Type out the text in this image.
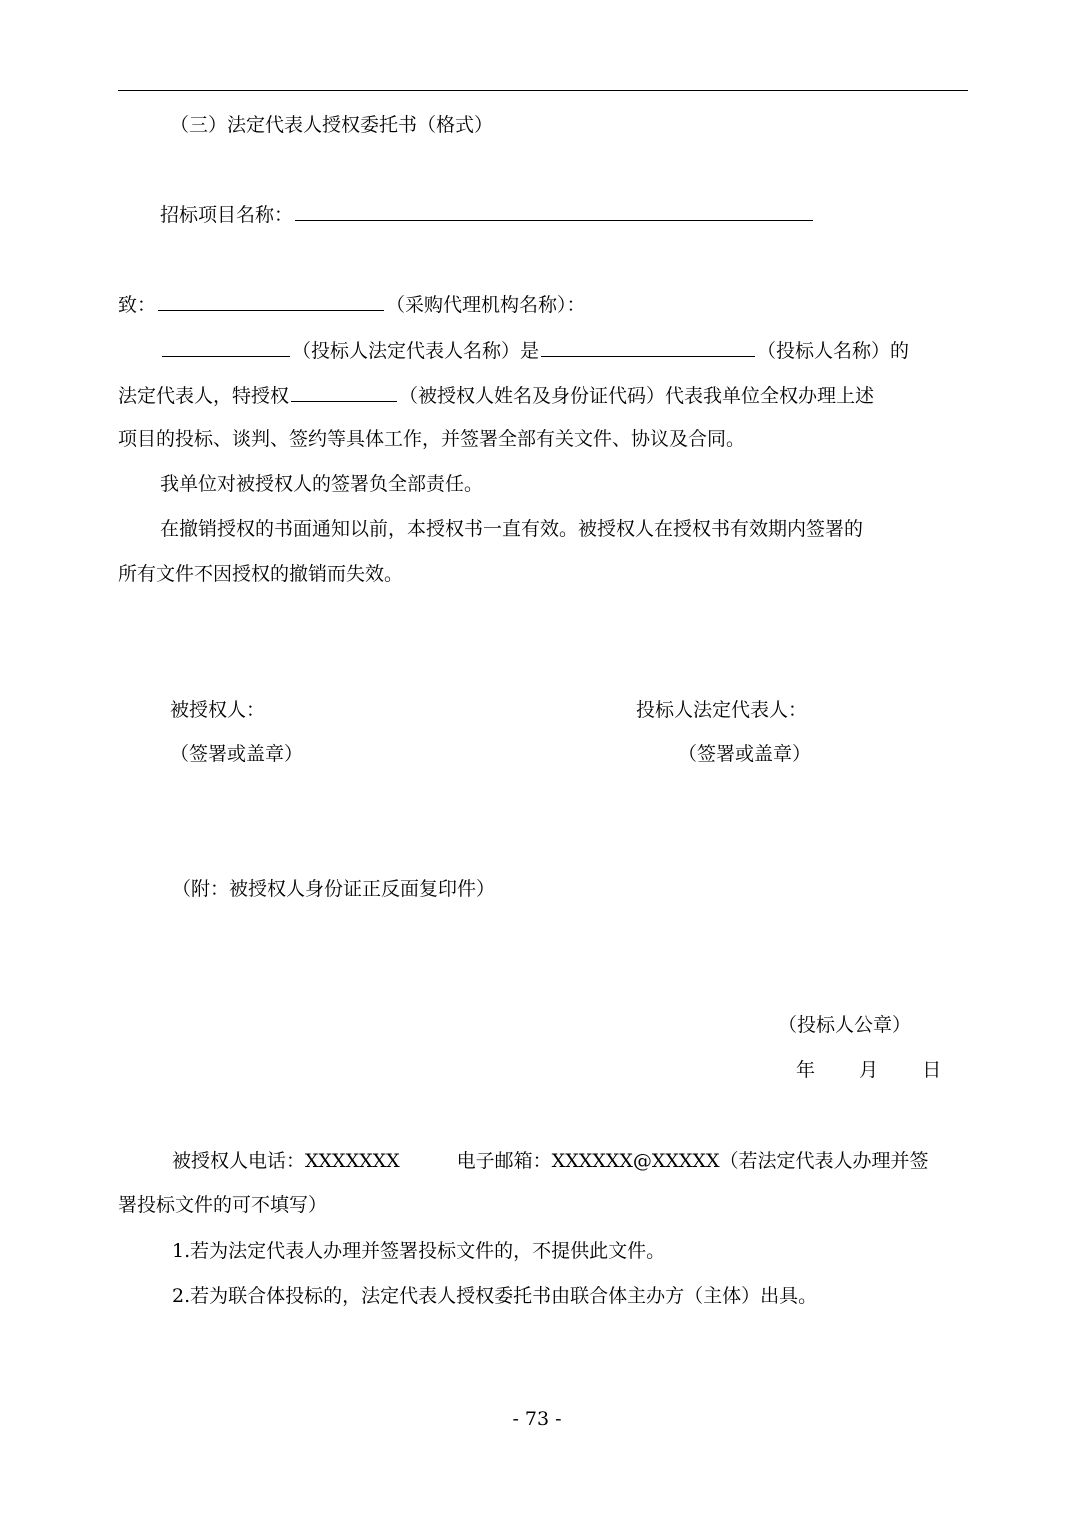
（三）法定代表人授权委托书（格式）
招标项目名称：
致：	（采购代理机构名称）：
（投标人法定代表人名称）是	（投标人名称）的
法定代表人，特授权	（被授权人姓名及身份证代码）代表我单位全权办理上述
项目的投标、谈判、签约等具体工作，并签署全部有关文件、协议及合同。
我单位对被授权人的签署负全部责任。
在撤销授权的书面通知以前，本授权书一直有效。被授权人在授权书有效期内签署的
所有文件不因授权的撤销而失效。
被授权人：
（签署或盖章）
投标人法定代表人：
（签署或盖章）
（附：被授权人身份证正反面复印件）
（投标人公章）
年 月 日
被授权人电话：XXXXXXX　　　电子邮箱：XXXXXX@XXXXX（若法定代表人办理并签
署投标文件的可不填写）
1.若为法定代表人办理并签署投标文件的，不提供此文件。
2.若为联合体投标的，法定代表人授权委托书由联合体主办方（主体）出具。
- 73 -
